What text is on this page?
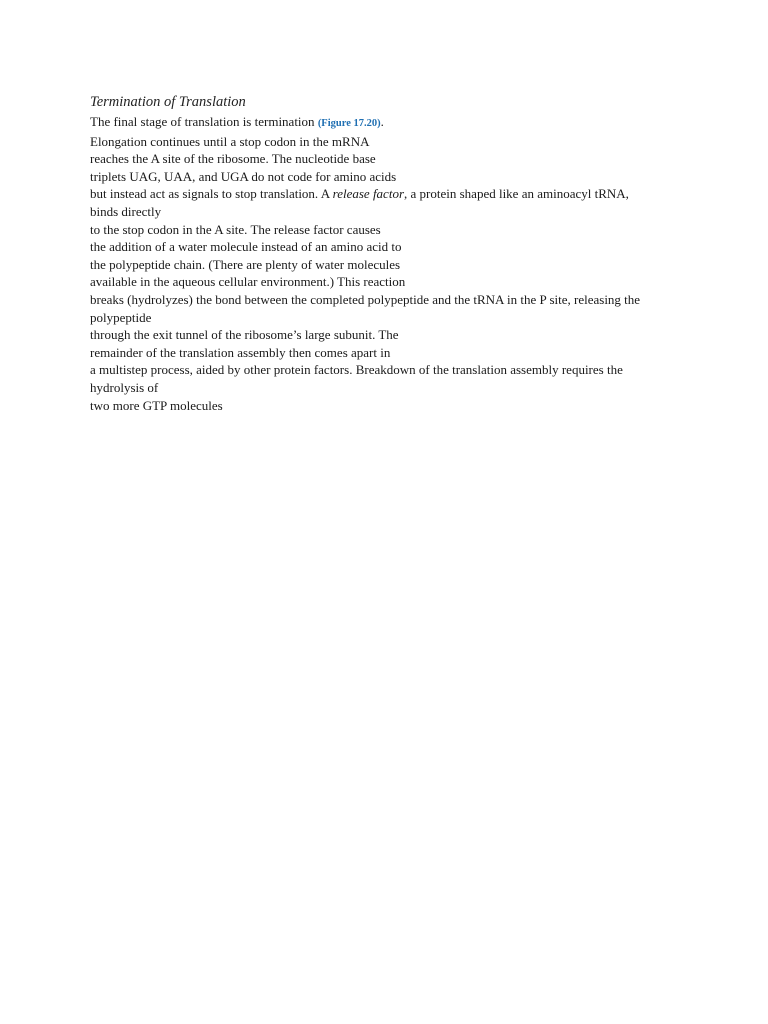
Termination of Translation
The final stage of translation is termination (Figure 17.20).
Elongation continues until a stop codon in the mRNA
reaches the A site of the ribosome. The nucleotide base
triplets UAG, UAA, and UGA do not code for amino acids
but instead act as signals to stop translation. A release factor, a protein shaped like an aminoacyl tRNA,
binds directly
to the stop codon in the A site. The release factor causes
the addition of a water molecule instead of an amino acid to
the polypeptide chain. (There are plenty of water molecules
available in the aqueous cellular environment.) This reaction
breaks (hydrolyzes) the bond between the completed polypeptide and the tRNA in the P site, releasing the
polypeptide
through the exit tunnel of the ribosome’s large subunit. The
remainder of the translation assembly then comes apart in
a multistep process, aided by other protein factors. Breakdown of the translation assembly requires the
hydrolysis of
two more GTP molecules
